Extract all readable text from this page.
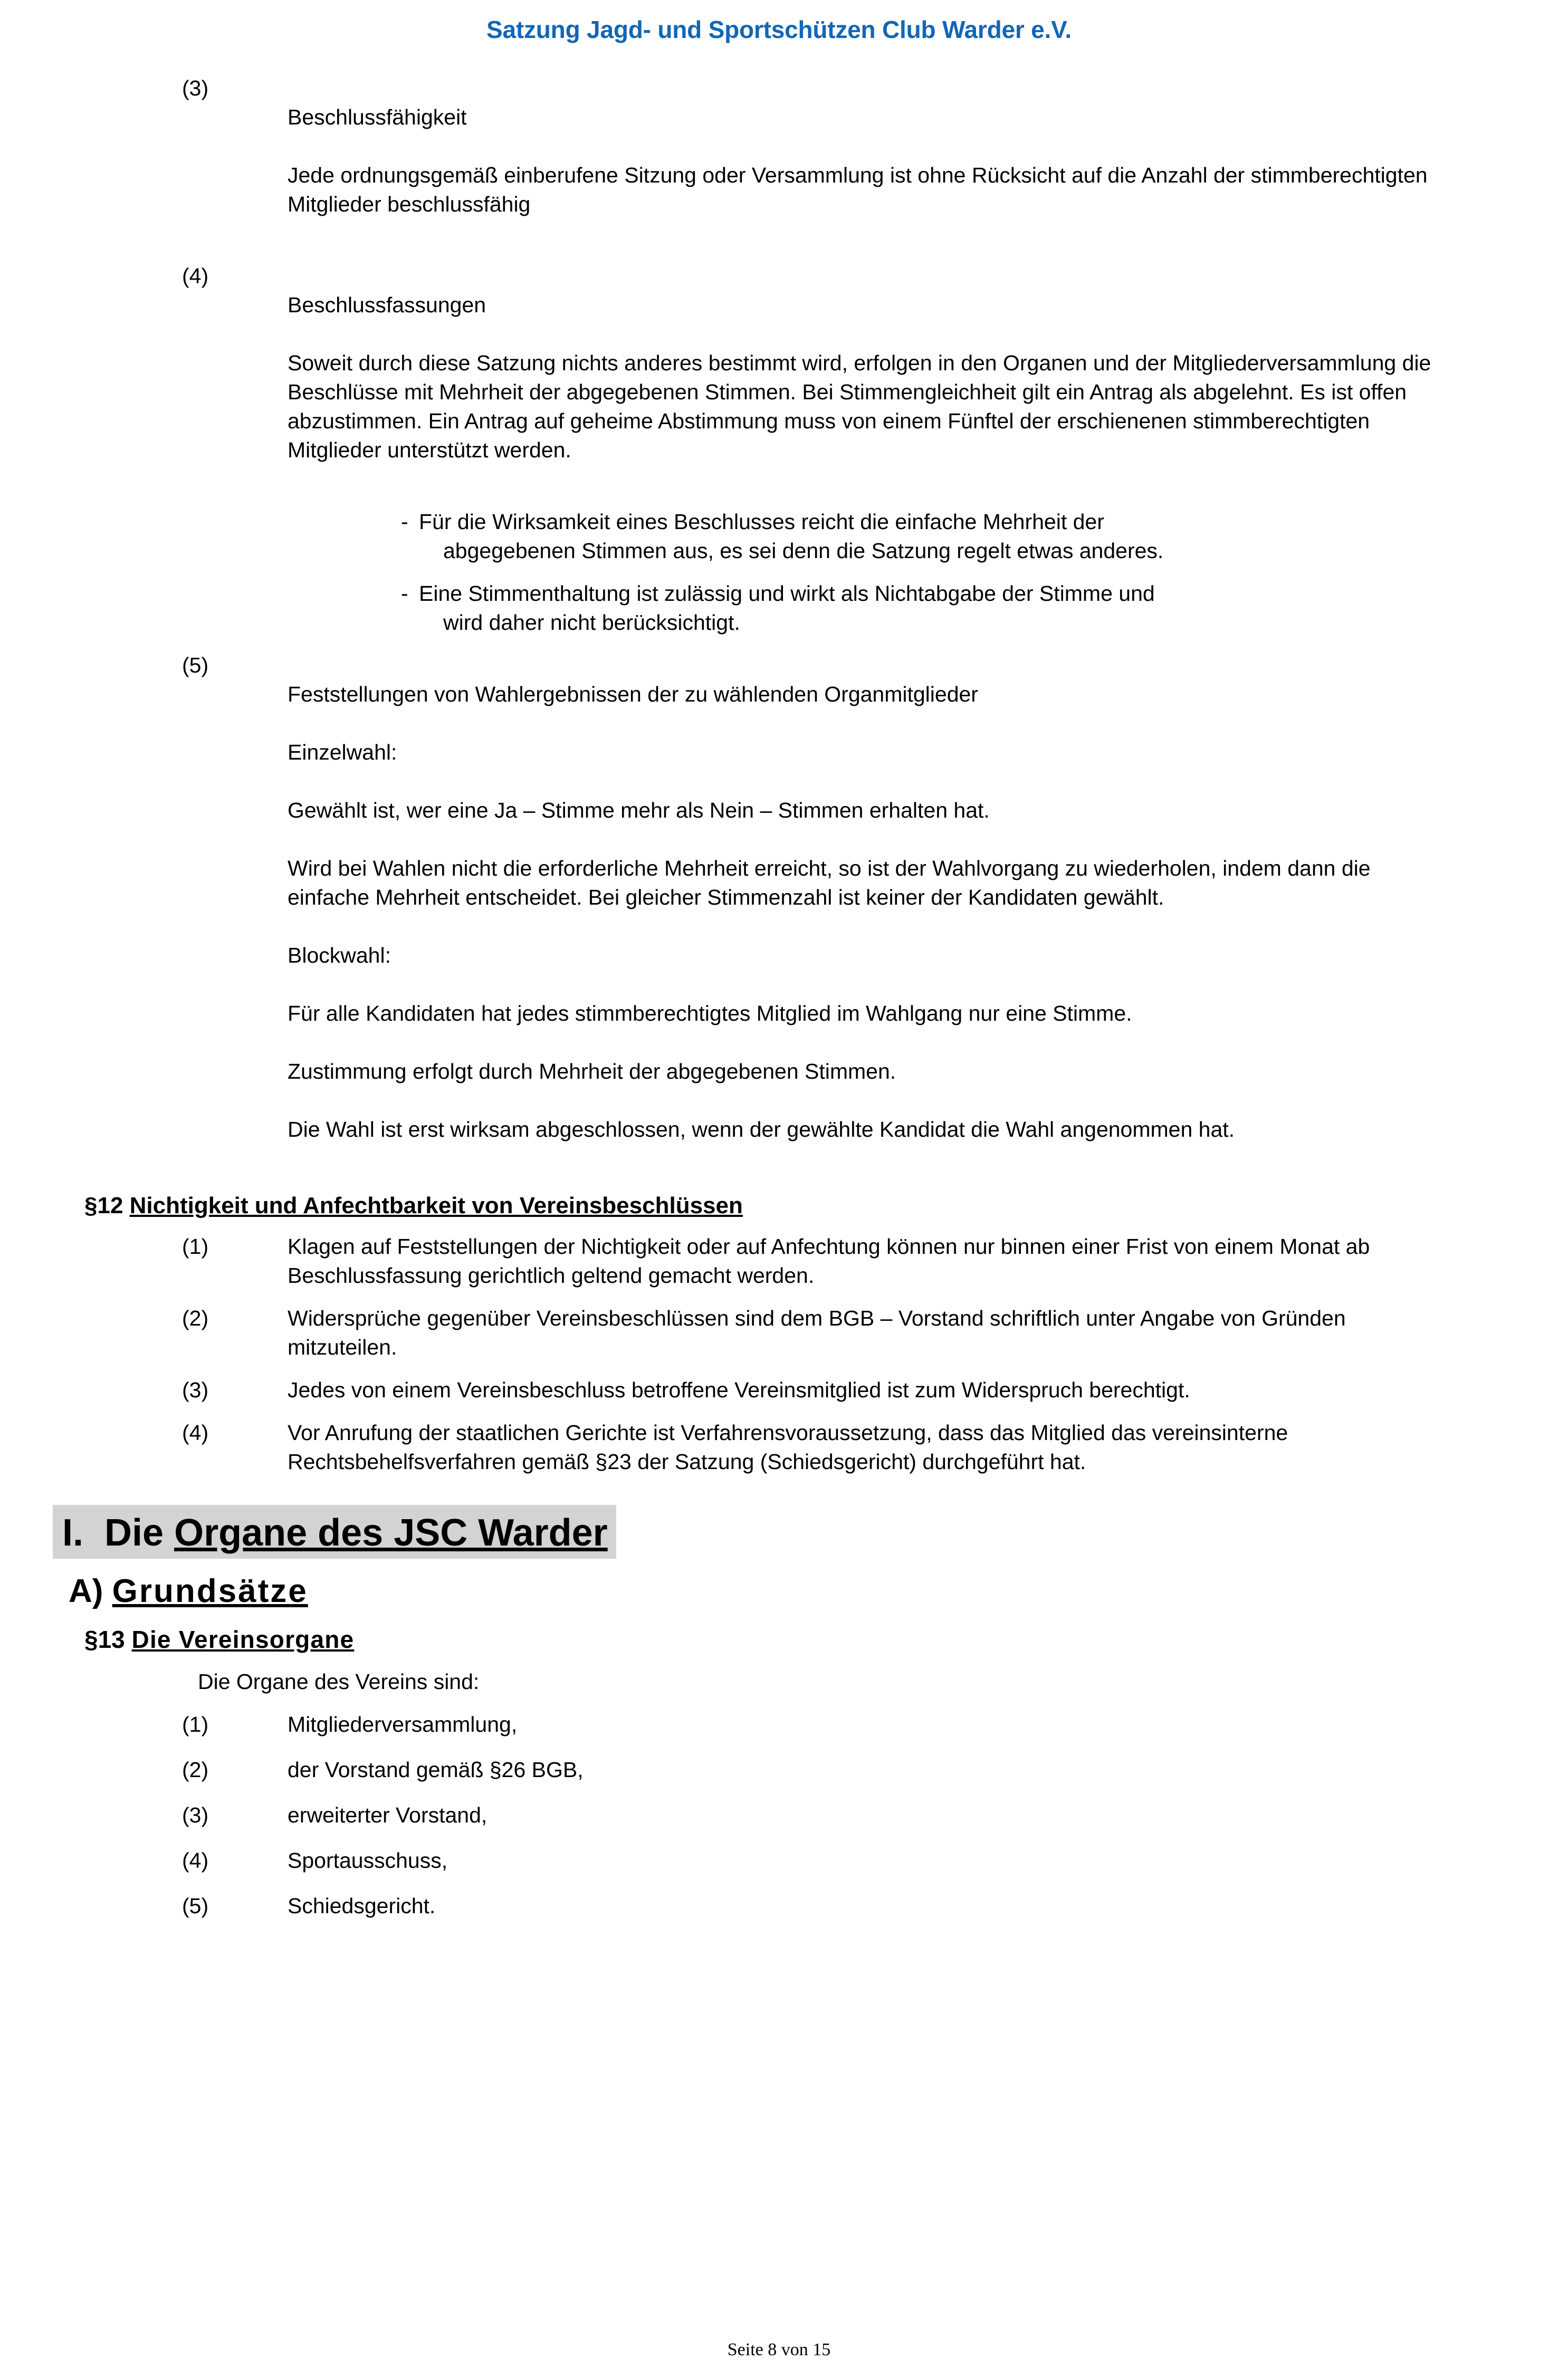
Satzung Jagd- und Sportschützen Club Warder e.V.
(3)

Beschlussfähigkeit

Jede ordnungsgemäß einberufene Sitzung oder Versammlung ist ohne Rücksicht auf die Anzahl der stimmberechtigten Mitglieder beschlussfähig

(4)

Beschlussfassungen

Soweit durch diese Satzung nichts anderes bestimmt wird, erfolgen in den Organen und der Mitgliederversammlung die Beschlüsse mit Mehrheit der abgegebenen Stimmen. Bei Stimmengleichheit gilt ein Antrag als abgelehnt. Es ist offen abzustimmen. Ein Antrag auf geheime Abstimmung muss von einem Fünftel der erschienenen stimmberechtigten Mitglieder unterstützt werden.

- Für die Wirksamkeit eines Beschlusses reicht die einfache Mehrheit der
abgegebenen Stimmen aus, es sei denn die Satzung regelt etwas anderes.
- Eine Stimmenthaltung ist zulässig und wirkt als Nichtabgabe der Stimme und
wird daher nicht berücksichtigt.
(5)

Feststellungen von Wahlergebnissen der zu wählenden Organmitglieder

Einzelwahl:

Gewählt ist, wer eine Ja – Stimme mehr als Nein – Stimmen erhalten hat.

Wird bei Wahlen nicht die erforderliche Mehrheit erreicht, so ist der Wahlvorgang zu wiederholen, indem dann die einfache Mehrheit entscheidet. Bei gleicher Stimmenzahl ist keiner der Kandidaten gewählt.

Blockwahl:

Für alle Kandidaten hat jedes stimmberechtigtes Mitglied im Wahlgang nur eine Stimme.

Zustimmung erfolgt durch Mehrheit der abgegebenen Stimmen.

Die Wahl ist erst wirksam abgeschlossen, wenn der gewählte Kandidat die Wahl angenommen hat.

§12 Nichtigkeit und Anfechtbarkeit von Vereinsbeschlüssen
(1)	Klagen auf Feststellungen der Nichtigkeit oder auf Anfechtung können nur binnen einer Frist von einem Monat ab Beschlussfassung gerichtlich geltend gemacht werden.
(2)	Widersprüche gegenüber Vereinsbeschlüssen sind dem BGB – Vorstand schriftlich unter Angabe von Gründen mitzuteilen.
(3)	Jedes von einem Vereinsbeschluss betroffene Vereinsmitglied ist zum Widerspruch berechtigt.
(4)	Vor Anrufung der staatlichen Gerichte ist Verfahrensvoraussetzung, dass das Mitglied das vereinsinterne Rechtsbehelfsverfahren gemäß §23 der Satzung (Schiedsgericht) durchgeführt hat.
I.  Die Organe des JSC Warder
A) Grundsätze
§13 Die Vereinsorgane
Die Organe des Vereins sind:
(1)	Mitgliederversammlung,
(2)	der Vorstand gemäß §26 BGB,
(3)	erweiterter Vorstand,
(4)	Sportausschuss,
(5)	Schiedsgericht.
Seite 8 von 15
